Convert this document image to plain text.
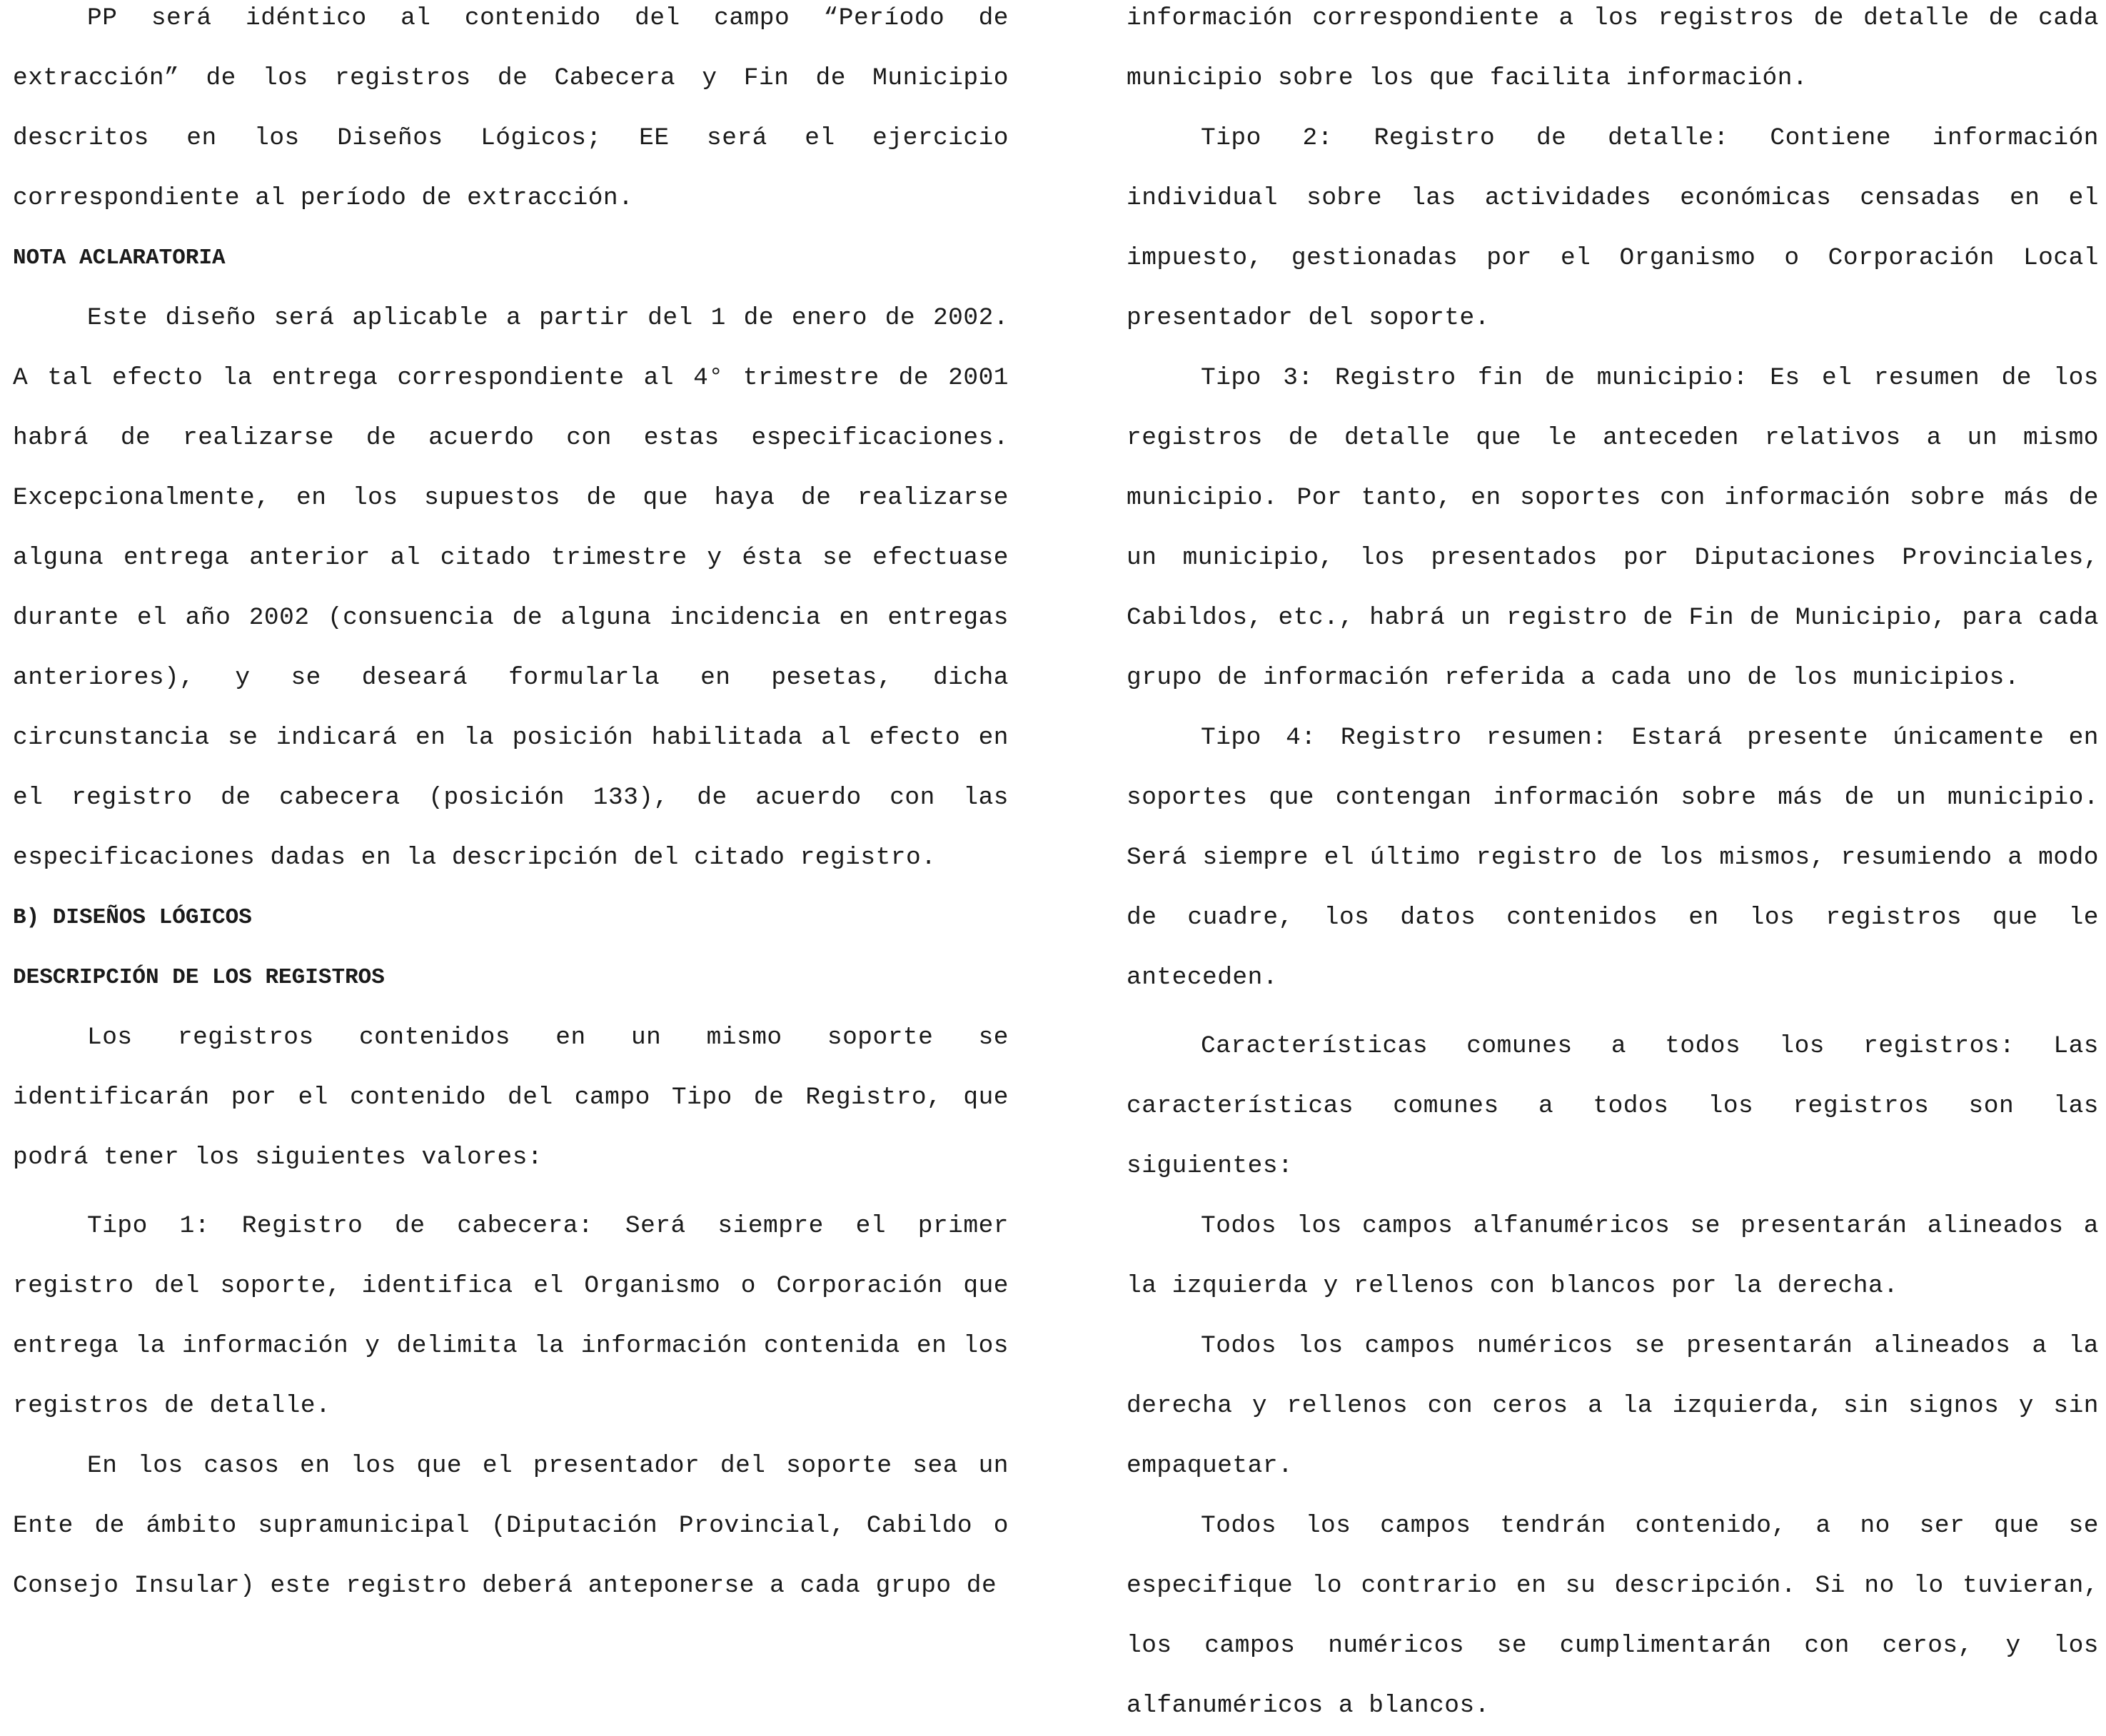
PP será idéntico al contenido del campo “Período de extracción” de los registros de Cabecera y Fin de Municipio descritos en los Diseños Lógicos; EE será el ejercicio correspondiente al período de extracción.

NOTA ACLARATORIA

Este diseño será aplicable a partir del 1 de enero de 2002. A tal efecto la entrega correspondiente al 4° trimestre de 2001 habrá de realizarse de acuerdo con estas especificaciones. Excepcionalmente, en los supuestos de que haya de realizarse alguna entrega anterior al citado trimestre y ésta se efectuase durante el año 2002 (consuencia de alguna incidencia en entregas anteriores), y se deseará formularla en pesetas, dicha circunstancia se indicará en la posición habilitada al efecto en el registro de cabecera (posición 133), de acuerdo con las especificaciones dadas en la descripción del citado registro.

B) DISEÑOS LÓGICOS
DESCRIPCIÓN DE LOS REGISTROS

Los registros contenidos en un mismo soporte se identificarán por el contenido del campo Tipo de Registro, que podrá tener los siguientes valores:

Tipo 1: Registro de cabecera: Será siempre el primer registro del soporte, identifica el Organismo o Corporación que entrega la información y delimita la información contenida en los registros de detalle.

En los casos en los que el presentador del soporte sea un Ente de ámbito supramunicipal (Diputación Provincial, Cabildo o Consejo Insular) este registro deberá anteponerse a cada grupo de

información correspondiente a los registros de detalle de cada municipio sobre los que facilita información.

Tipo 2: Registro de detalle: Contiene información individual sobre las actividades económicas censadas en el impuesto, gestionadas por el Organismo o Corporación Local presentador del soporte.

Tipo 3: Registro fin de municipio: Es el resumen de los registros de detalle que le anteceden relativos a un mismo municipio. Por tanto, en soportes con información sobre más de un municipio, los presentados por Diputaciones Provinciales, Cabildos, etc., habrá un registro de Fin de Municipio, para cada grupo de información referida a cada uno de los municipios.

Tipo 4: Registro resumen: Estará presente únicamente en soportes que contengan información sobre más de un municipio. Será siempre el último registro de los mismos, resumiendo a modo de cuadre, los datos contenidos en los registros que le anteceden.

Características comunes a todos los registros: Las características comunes a todos los registros son las siguientes:

Todos los campos alfanuméricos se presentarán alineados a la izquierda y rellenos con blancos por la derecha.

Todos los campos numéricos se presentarán alineados a la derecha y rellenos con ceros a la izquierda, sin signos y sin empaquetar.

Todos los campos tendrán contenido, a no ser que se especifique lo contrario en su descripción. Si no lo tuvieran, los campos numéricos se cumplimentarán con ceros, y los alfanuméricos a blancos.
